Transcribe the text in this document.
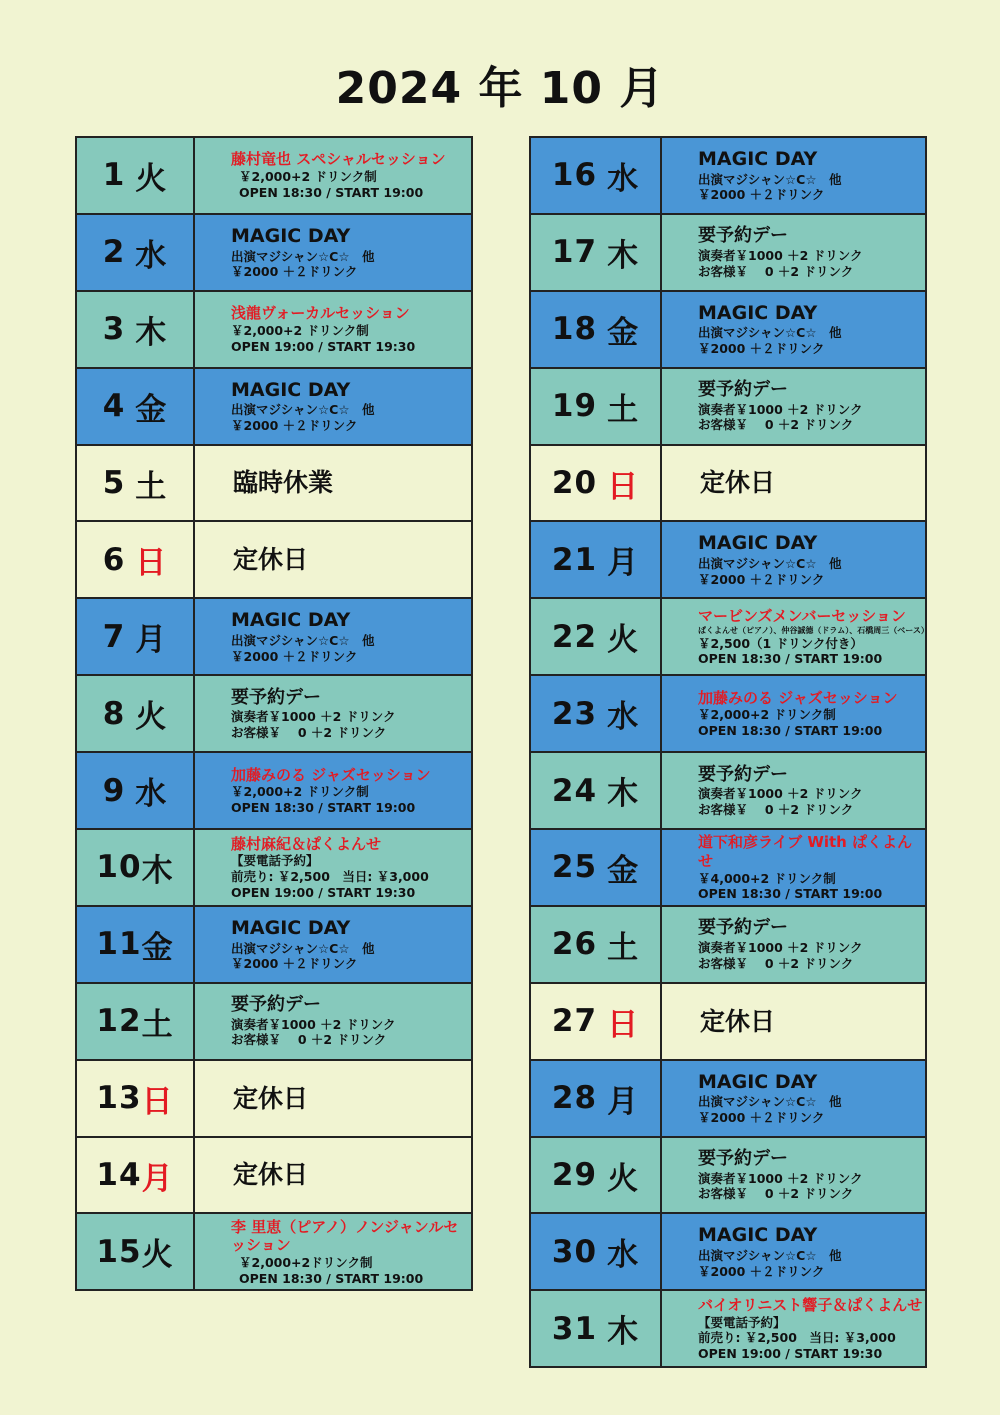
2024 年 10 月
1 火
藤村竜也 スペシャルセッション
￥2,000+2 ドリンク制
OPEN 18:30 / START 19:00
2 水
MAGIC DAY
出演マジシャン☆C☆　他
￥2000 ＋２ドリンク
3 木
浅龍ヴォーカルセッション
￥2,000+2 ドリンク制
OPEN 19:00 / START 19:30
4 金
MAGIC DAY
出演マジシャン☆C☆　他
￥2000 ＋２ドリンク
5 土	臨時休業
6 日	定休日
7 月
MAGIC DAY
出演マジシャン☆C☆　他
￥2000 ＋２ドリンク
8 火
要予約デー
演奏者￥1000 ＋2 ドリンク
お客様￥　 0 ＋2 ドリンク
9 水
加藤みのる ジャズセッション
￥2,000+2 ドリンク制
OPEN 18:30 / START 19:00
10 木
藤村麻紀＆ぱくよんせ
【要電話予約】
前売り: ￥2,500　当日: ￥3,000
OPEN 19:00 / START 19:30
11 金
MAGIC DAY
出演マジシャン☆C☆　他
￥2000 ＋２ドリンク
12 土
要予約デー
演奏者￥1000 ＋2 ドリンク
お客様￥　 0 ＋2 ドリンク
13 日 定休日
14 月 定休日
15 火
李 里恵（ピアノ）ノンジャンルセッション
￥2,000+2ドリンク制
OPEN 18:30 / START 19:00
16 水
MAGIC DAY
出演マジシャン☆C☆　他
￥2000 ＋２ドリンク
17 木
要予約デー
演奏者￥1000 ＋2 ドリンク
お客様￥　 0 ＋2 ドリンク
18 金
MAGIC DAY
出演マジシャン☆C☆　他
￥2000 ＋２ドリンク
19 土
要予約デー
演奏者￥1000 ＋2 ドリンク
お客様￥　 0 ＋2 ドリンク
20 日 定休日
21 月
MAGIC DAY
出演マジシャン☆C☆　他
￥2000 ＋２ドリンク
22 火
マービンズメンバーセッション
ぱくよんせ（ピアノ）、仲谷誠德（ドラム）、石橋周三（ベース）
￥2,500（1 ドリンク付き）
OPEN 18:30 / START 19:00
23 水
加藤みのる ジャズセッション
￥2,000+2 ドリンク制
OPEN 18:30 / START 19:00
24 木
要予約デー
演奏者￥1000 ＋2 ドリンク
お客様￥　 0 ＋2 ドリンク
25 金
道下和彦ライブ With ぱくよんせ
￥4,000+2 ドリンク制
OPEN 18:30 / START 19:00
26 土
要予約デー
演奏者￥1000 ＋2 ドリンク
お客様￥　 0 ＋2 ドリンク
27 日 定休日
28 月
MAGIC DAY
出演マジシャン☆C☆　他
￥2000 ＋２ドリンク
29 火
要予約デー
演奏者￥1000 ＋2 ドリンク
お客様￥　 0 ＋2 ドリンク
30 水
MAGIC DAY
出演マジシャン☆C☆　他
￥2000 ＋２ドリンク
31 木
バイオリニスト響子＆ぱくよんせ
【要電話予約】
前売り: ￥2,500　当日: ￥3,000
OPEN 19:00 / START 19:30
